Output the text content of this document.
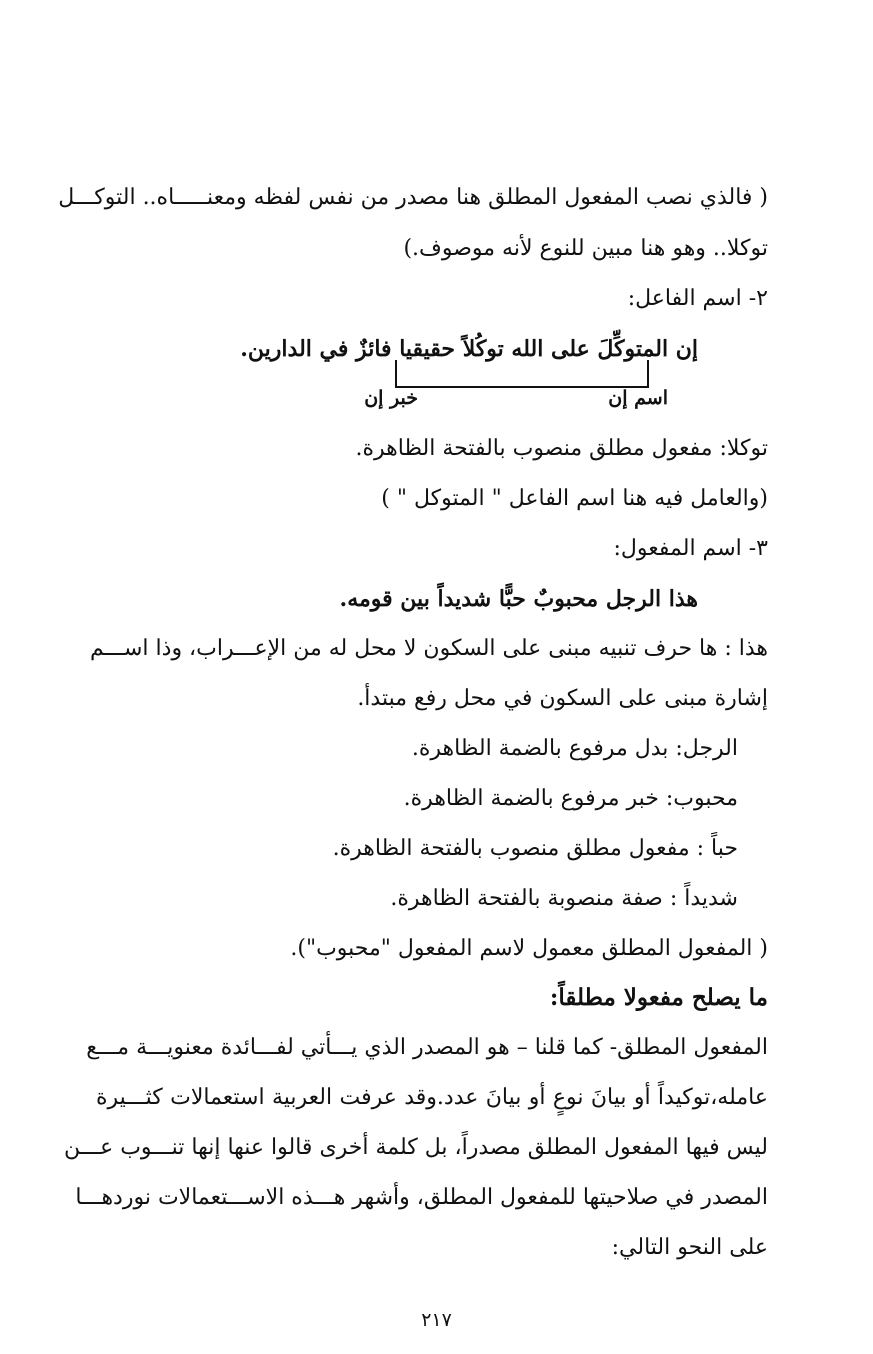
( فالذي نصب المفعول المطلق هنا مصدر من نفس لفظه ومعنـــــاه.. التوكـــل
توكلا.. وهو هنا مبين للنوع لأنه موصوف.)
٢- اسم الفاعل:
إن المتوكِّلَ على الله توكُلاً حقيقيا فائزٌ في الدارين.
اسم إن
خبر إن
توكلا: مفعول مطلق منصوب بالفتحة الظاهرة.
(والعامل فيه هنا اسم الفاعل " المتوكل " )
٣- اسم المفعول:
هذا الرجل محبوبٌ حبًّا شديداً بين قومه.
هذا : ها حرف تنبيه مبنى على السكون لا محل له من الإعـــراب، وذا اســـم
إشارة مبنى على السكون في محل رفع مبتدأ.
الرجل: بدل مرفوع بالضمة الظاهرة.
محبوب: خبر مرفوع بالضمة الظاهرة.
حباً : مفعول مطلق منصوب بالفتحة الظاهرة.
شديداً : صفة منصوبة بالفتحة الظاهرة.
( المفعول المطلق معمول لاسم المفعول "محبوب").
ما يصلح مفعولا مطلقاً:
المفعول المطلق- كما قلنا – هو المصدر الذي يـــأتي لفـــائدة معنويـــة مـــع
عامله،توكيداً أو بيانَ نوعٍ أو بيانَ عدد.وقد عرفت العربية استعمالات كثـــيرة
ليس فيها المفعول المطلق مصدراً، بل كلمة أخرى قالوا عنها إنها تنـــوب عـــن
المصدر في صلاحيتها للمفعول المطلق، وأشهر هـــذه الاســـتعمالات نوردهـــا
على النحو التالي:
٢١٧
